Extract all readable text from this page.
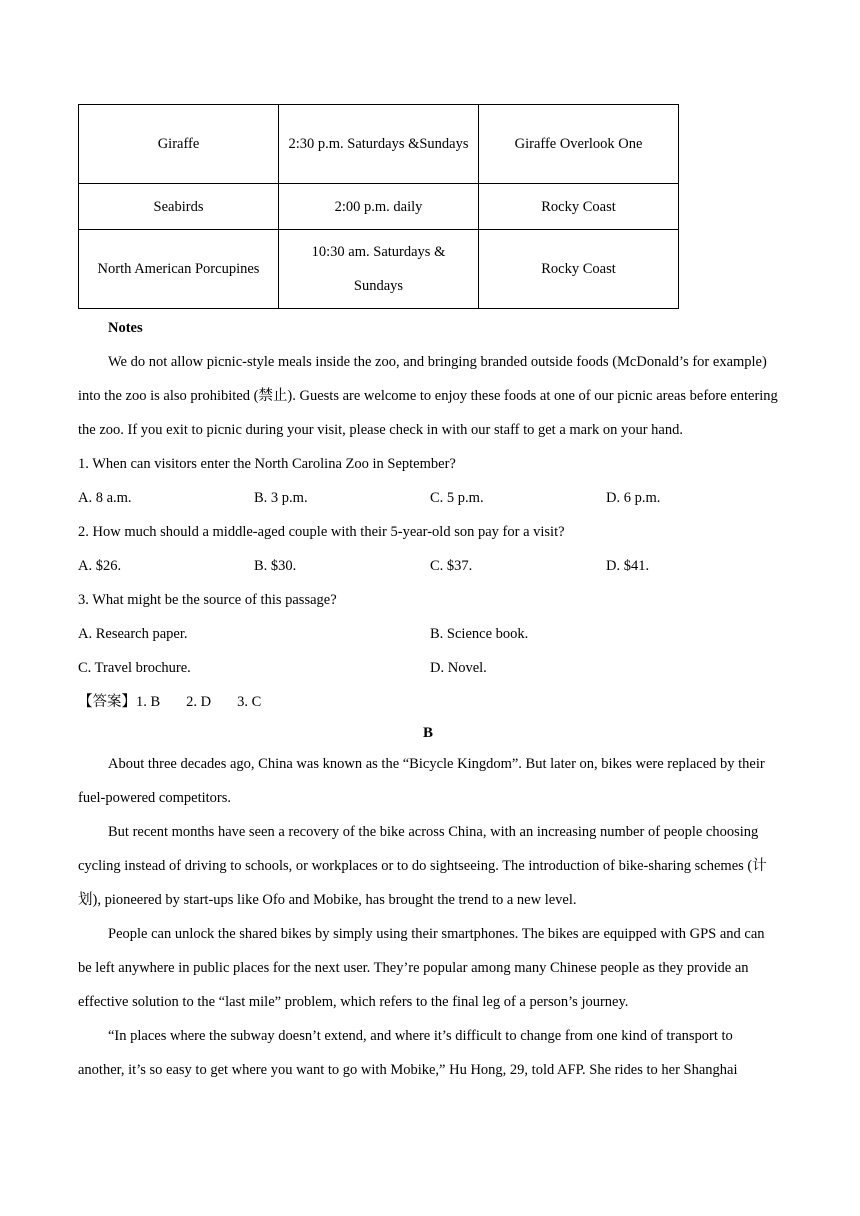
Giraffe	2:30 p.m. Saturdays &Sundays	Giraffe Overlook One
Seabirds	2:00 p.m. daily	Rocky Coast
North American Porcupines	10:30 am. Saturdays & Sundays	Rocky Coast
Notes

We do not allow picnic-style meals inside the zoo, and bringing branded outside foods (McDonald’s for example) into the zoo is also prohibited (禁止). Guests are welcome to enjoy these foods at one of our picnic areas before entering the zoo. If you exit to picnic during your visit, please check in with our staff to get a mark on your hand.

1. When can visitors enter the North Carolina Zoo in September?
A. 8 a.m.	B. 3 p.m.	C. 5 p.m.	D. 6 p.m.
2. How much should a middle-aged couple with their 5-year-old son pay for a visit?
A. $26.	B. $30.	C. $37.	D. $41.
3. What might be the source of this passage?
A. Research paper.	B. Science book.
C. Travel brochure.	D. Novel.
【答案】1. B 2. D 3. C
B

About three decades ago, China was known as the “Bicycle Kingdom”. But later on, bikes were replaced by their fuel-powered competitors.

But recent months have seen a recovery of the bike across China, with an increasing number of people choosing cycling instead of driving to schools, or workplaces or to do sightseeing. The introduction of bike-sharing schemes (计划), pioneered by start-ups like Ofo and Mobike, has brought the trend to a new level.

People can unlock the shared bikes by simply using their smartphones. The bikes are equipped with GPS and can be left anywhere in public places for the next user. They’re popular among many Chinese people as they provide an effective solution to the “last mile” problem, which refers to the final leg of a person’s journey.

“In places where the subway doesn’t extend, and where it’s difficult to change from one kind of transport to another, it’s so easy to get where you want to go with Mobike,” Hu Hong, 29, told AFP. She rides to her Shanghai
